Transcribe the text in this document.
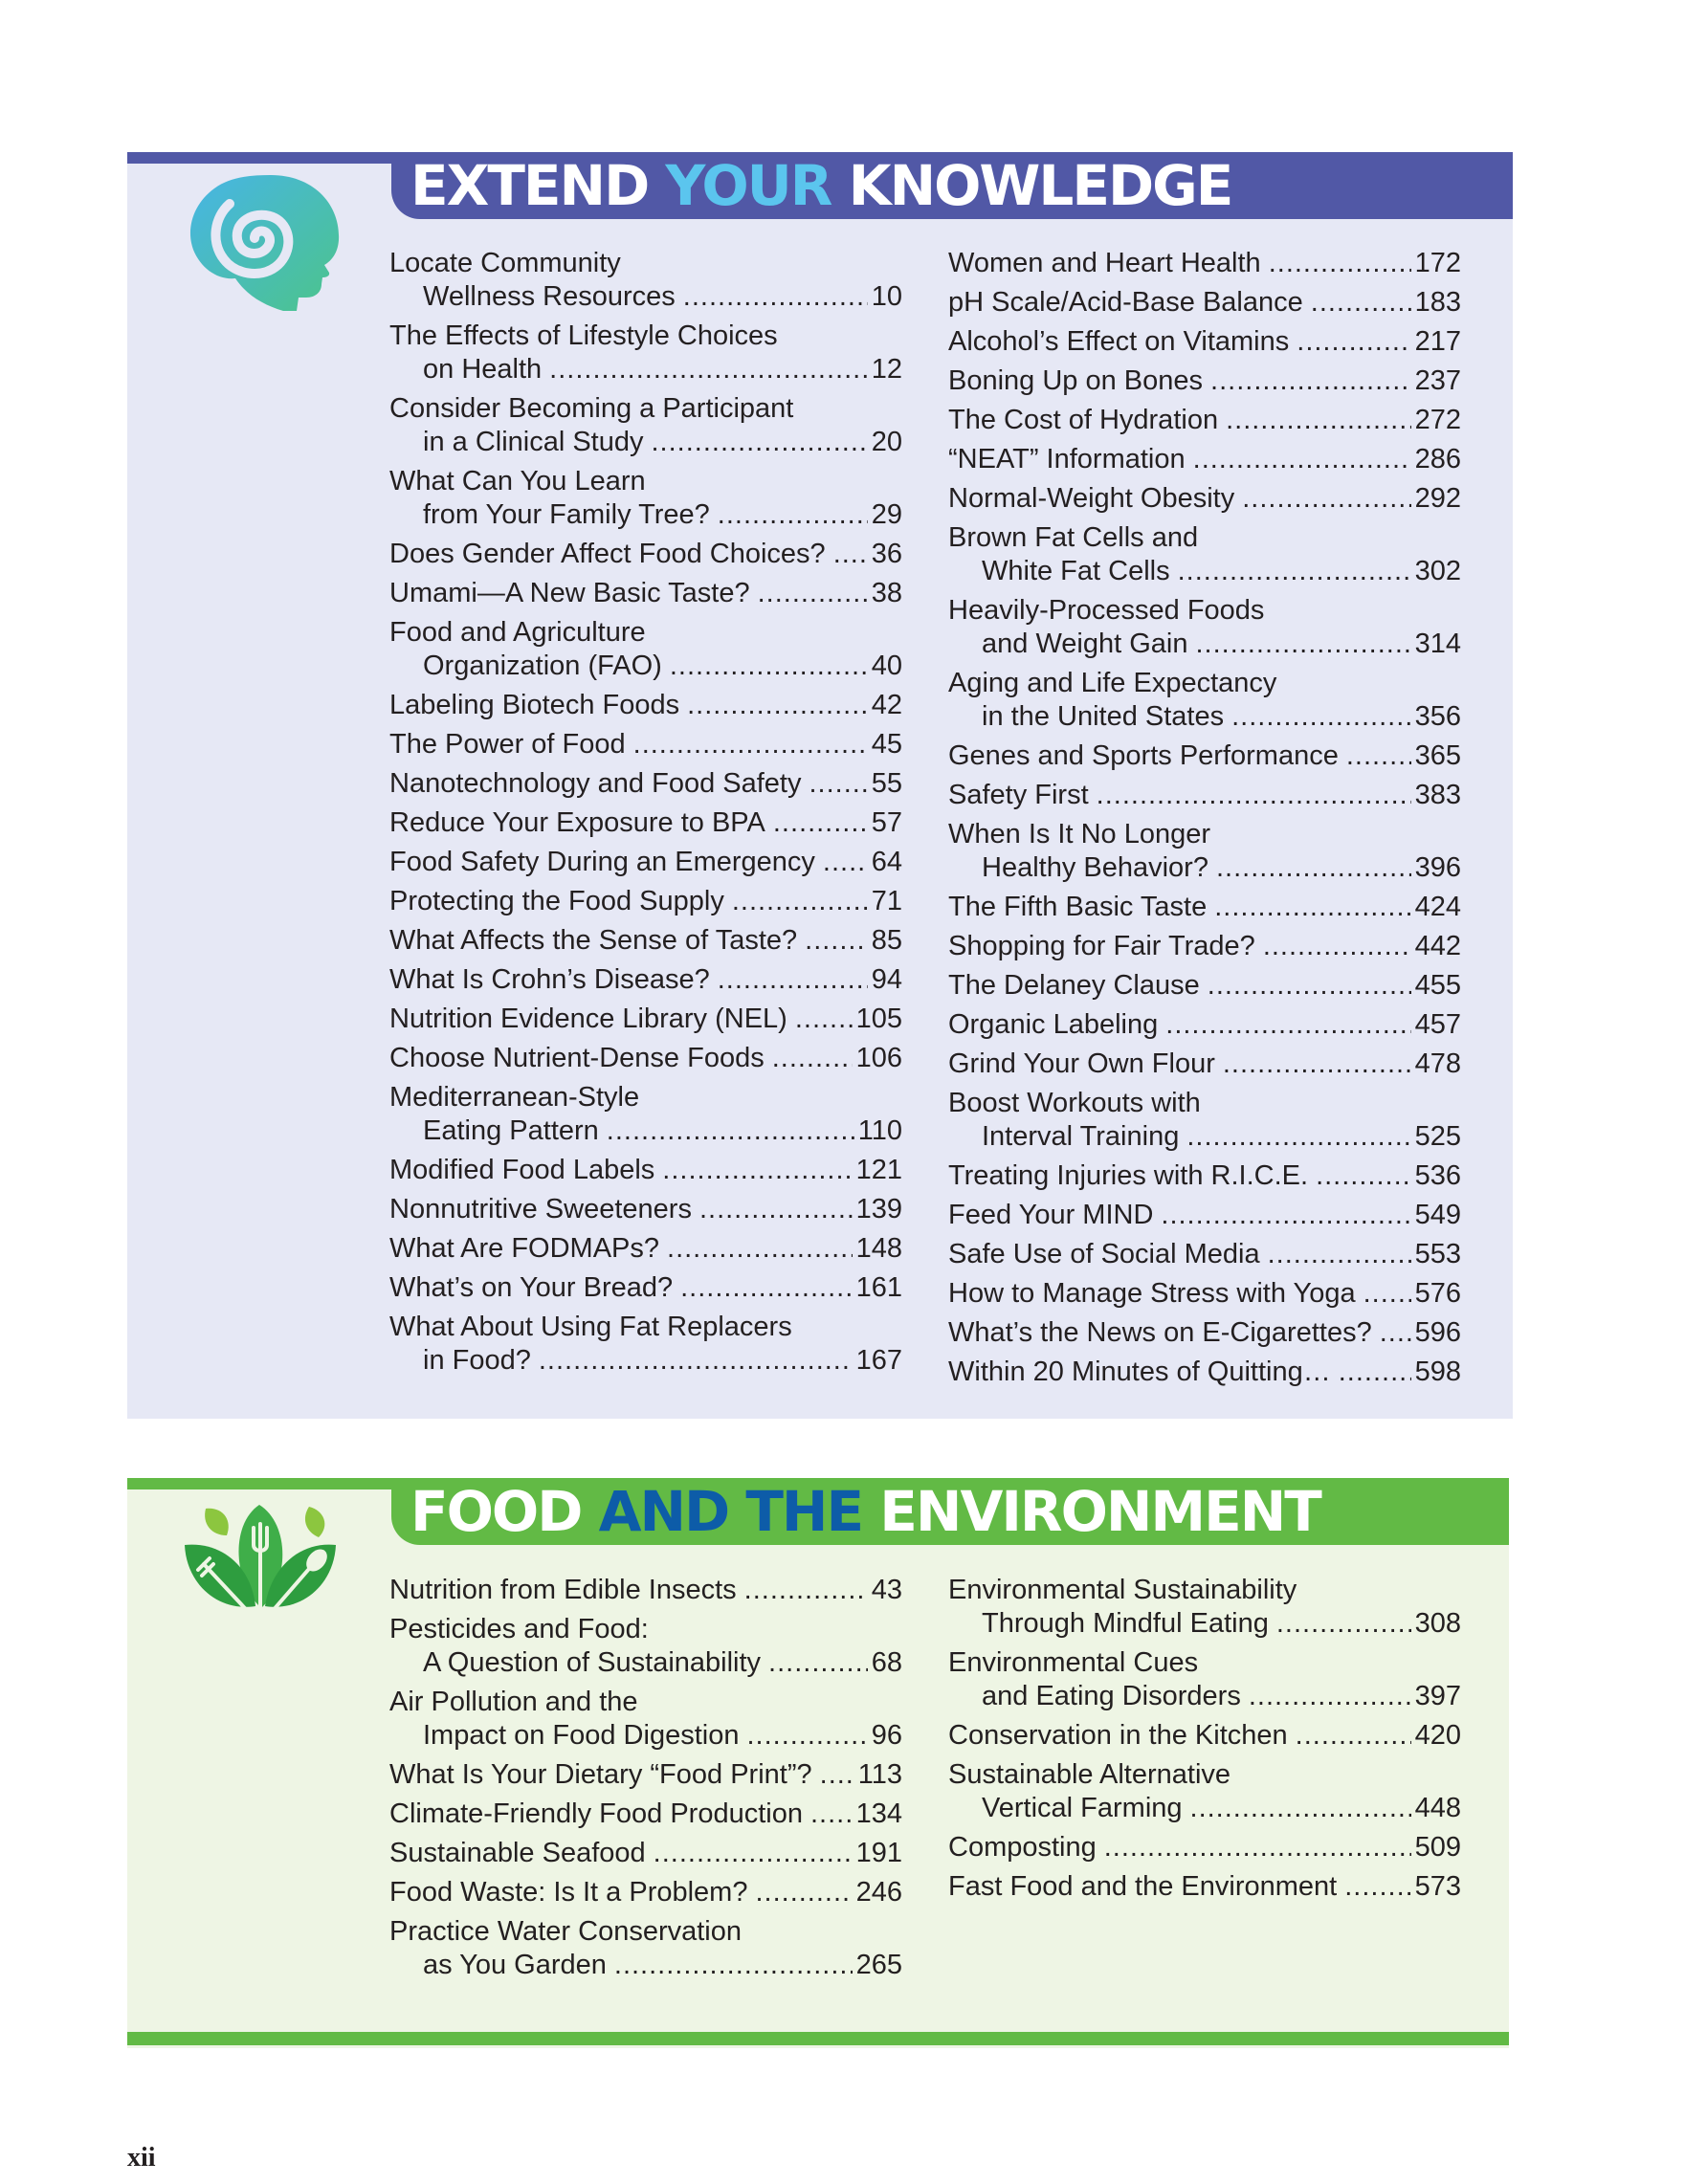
EXTEND YOUR KNOWLEDGE
Locate Community
Wellness Resources .....	10
The Effects of Lifestyle Choices
on Health .....	12
Consider Becoming a Participant
in a Clinical Study .....	20
What Can You Learn
from Your Family Tree? .....	29
Does Gender Affect Food Choices? ..... 36
Umami—A New Basic Taste? .....	38
Food and Agriculture
Organization (FAO) .....	40
Labeling Biotech Foods .....	42
The Power of Food .....	45
Nanotechnology and Food Safety .....	55
Reduce Your Exposure to BPA .....	57
Food Safety During an Emergency ..... 64
Protecting the Food Supply .....	71
What Affects the Sense of Taste? .....	85
What Is Crohn’s Disease? .....	94
Nutrition Evidence Library (NEL) ..... 105
Choose Nutrient-Dense Foods .....	106
Mediterranean-Style
Eating Pattern .....	110
Modified Food Labels .....	121
Nonnutritive Sweeteners .....	139
What Are FODMAPs? .....	148
What’s on Your Bread? .....	161
What About Using Fat Replacers
in Food? .....	167
Women and Heart Health .....	172
pH Scale/Acid-Base Balance .....	183
Alcohol’s Effect on Vitamins .....	217
Boning Up on Bones .....	237
The Cost of Hydration .....	272
“NEAT” Information .....	286
Normal-Weight Obesity .....	292
Brown Fat Cells and
White Fat Cells .....	302
Heavily-Processed Foods
and Weight Gain .....	314
Aging and Life Expectancy
in the United States .....	356
Genes and Sports Performance .....	365
Safety First .....	383
When Is It No Longer
Healthy Behavior? .....	396
The Fifth Basic Taste .....	424
Shopping for Fair Trade? .....	442
The Delaney Clause .....	455
Organic Labeling .....	457
Grind Your Own Flour .....	478
Boost Workouts with
Interval Training .....	525
Treating Injuries with R.I.C.E. .....	536
Feed Your MIND .....	549
Safe Use of Social Media .....	553
How to Manage Stress with Yoga ..... 576
What’s the News on E-Cigarettes? ..... 596
Within 20 Minutes of Quitting… .....	598
FOOD AND THE ENVIRONMENT
Nutrition from Edible Insects .....	43
Pesticides and Food:
A Question of Sustainability .....	68
Air Pollution and the
Impact on Food Digestion .....	96
What Is Your Dietary “Food Print”? ..... 113
Climate-Friendly Food Production ..... 134
Sustainable Seafood .....	191
Food Waste: Is It a Problem? .....	246
Practice Water Conservation
as You Garden .....	265
Environmental Sustainability
Through Mindful Eating .....	308
Environmental Cues
and Eating Disorders .....	397
Conservation in the Kitchen .....	420
Sustainable Alternative
Vertical Farming .....	448
Composting .....	509
Fast Food and the Environment .....	573
xii
